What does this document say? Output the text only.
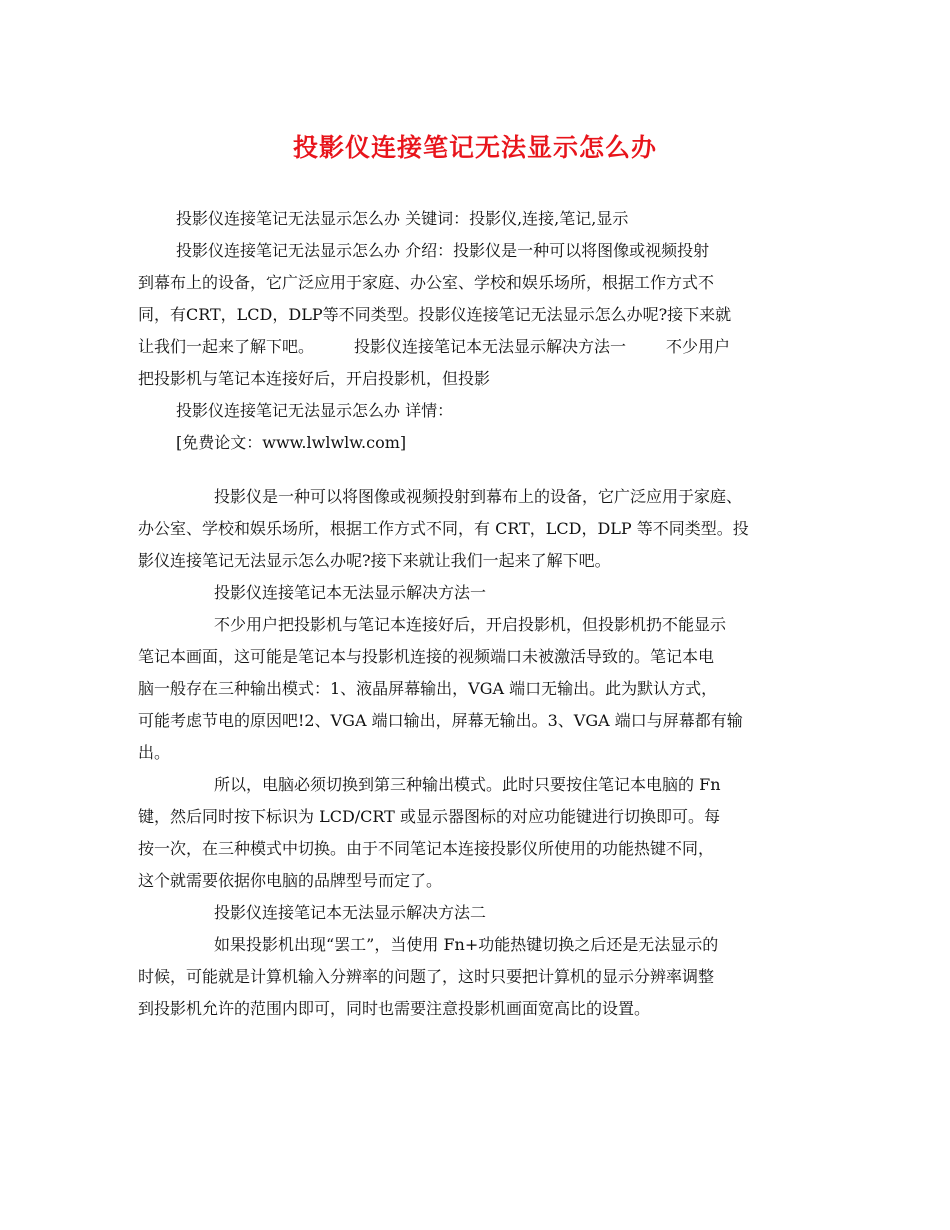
投影仪连接笔记无法显示怎么办
投影仪连接笔记无法显示怎么办 关键词：投影仪,连接,笔记,显示
投影仪连接笔记无法显示怎么办 介绍：投影仪是一种可以将图像或视频投射
到幕布上的设备，它广泛应用于家庭、办公室、学校和娱乐场所，根据工作方式不
同，有CRT，LCD，DLP等不同类型。投影仪连接笔记无法显示怎么办呢?接下来就
让我们一起来了解下吧。	投影仪连接笔记本无法显示解决方法一	不少用户
把投影机与笔记本连接好后，开启投影机，但投影
投影仪连接笔记无法显示怎么办 详情：
[免费论文：www.lwlwlw.com]
投影仪是一种可以将图像或视频投射到幕布上的设备，它广泛应用于家庭、
办公室、学校和娱乐场所，根据工作方式不同，有 CRT，LCD，DLP 等不同类型。投
影仪连接笔记无法显示怎么办呢?接下来就让我们一起来了解下吧。
投影仪连接笔记本无法显示解决方法一
不少用户把投影机与笔记本连接好后，开启投影机，但投影机扔不能显示
笔记本画面，这可能是笔记本与投影机连接的视频端口未被激活导致的。笔记本电
脑一般存在三种输出模式：1、液晶屏幕输出，VGA 端口无输出。此为默认方式，
可能考虑节电的原因吧!2、VGA 端口输出，屏幕无输出。3、VGA 端口与屏幕都有输
出。
所以，电脑必须切换到第三种输出模式。此时只要按住笔记本电脑的 Fn
键，然后同时按下标识为 LCD/CRT 或显示器图标的对应功能键进行切换即可。每
按一次，在三种模式中切换。由于不同笔记本连接投影仪所使用的功能热键不同，
这个就需要依据你电脑的品牌型号而定了。
投影仪连接笔记本无法显示解决方法二
如果投影机出现“罢工”，当使用 Fn+功能热键切换之后还是无法显示的
时候，可能就是计算机输入分辨率的问题了，这时只要把计算机的显示分辨率调整
到投影机允许的范围内即可，同时也需要注意投影机画面宽高比的设置。
